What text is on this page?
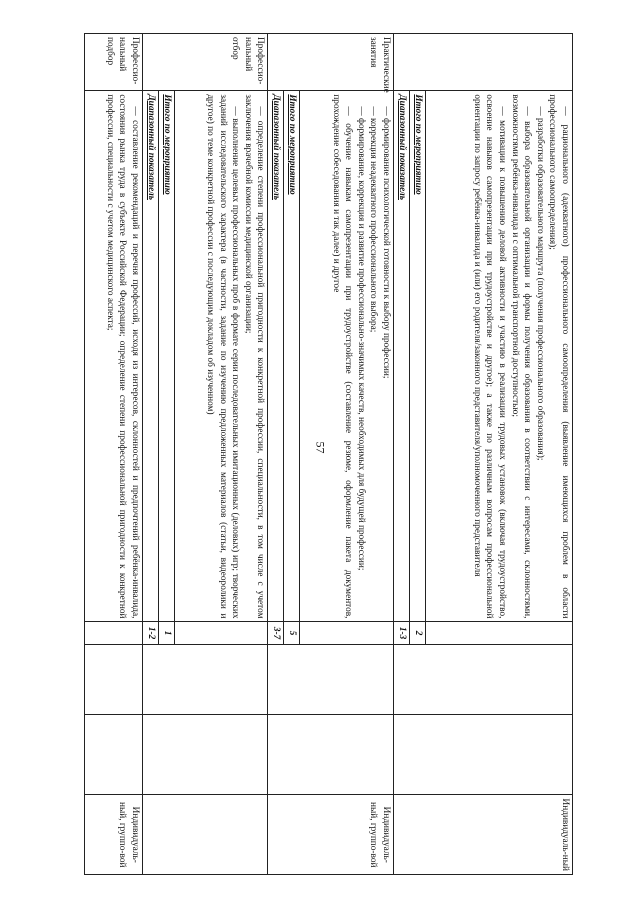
57

	— рационального (адекватного) профессионального самоопределения (выявление имеющихся проблем в области профессионального самоопределения);

— разработки образовательного маршрута (получения профессионального образования);

— выбора образовательной организации и формы получения образования в соответствии с интересами, склонностями, возможностями ребёнка-инвалида и с оптимальной транспортной доступностью;

— мотивации к повышению деловой активности и участию в реализации трудовых установок (включая трудоустройство, освоение навыков самопрезентации при трудоустройстве и другое); а также по различным вопросам профессиональной ориентации по запросу ребёнка-инвалида и (или) его родителя/законного представителя/уполномоченного представителя				Индивидуаль-ный
	Итого по мероприятию	2			
	Диапазонный показатель	1-3			
Практические занятия	— формирование психологической готовности к выбору профессии;

— коррекция неадекватного профессионального выбора;

— формирование, коррекция и развитие профессионально-значимых качеств, необходимых для будущей профессии;

— обучение навыкам самопрезентации при трудоустройстве (составление резюме, оформление пакета документов, прохождение собеседования и так далее) и другое				Индивидуаль-ный, группо-вой
	Итого по мероприятию	5			
	Диапазонный показатель	3-7			
Профессио-нальный отбор	— определение степени профессиональной пригодности к конкретной профессии, специальности, в том числе с учетом заключения врачебной комиссии медицинской организации;

— выполнение целевых профессиональных проб в формате серии последовательных имитационных (деловых) игр; творческих заданий исследовательского характера (в частности, задание по изучению предложенных материалов (статьи, видеоролики и другое) по теме конкретной профессии с последующим докладом об изученном)				

	Итого по мероприятию	1			
	Диапазонный показатель	1-2			
Профессио-нальный подбор	— составление рекомендаций и перечня профессий, исходя из интересов, склонностей и предпочтений ребёнка-инвалида, состояния рынка труда в субъекте Российской Федерации; определение степени профессиональной пригодности к конкретной профессии, специальности с учетом медицинского аспекта;				Индивидуаль-ный, группо-вой
